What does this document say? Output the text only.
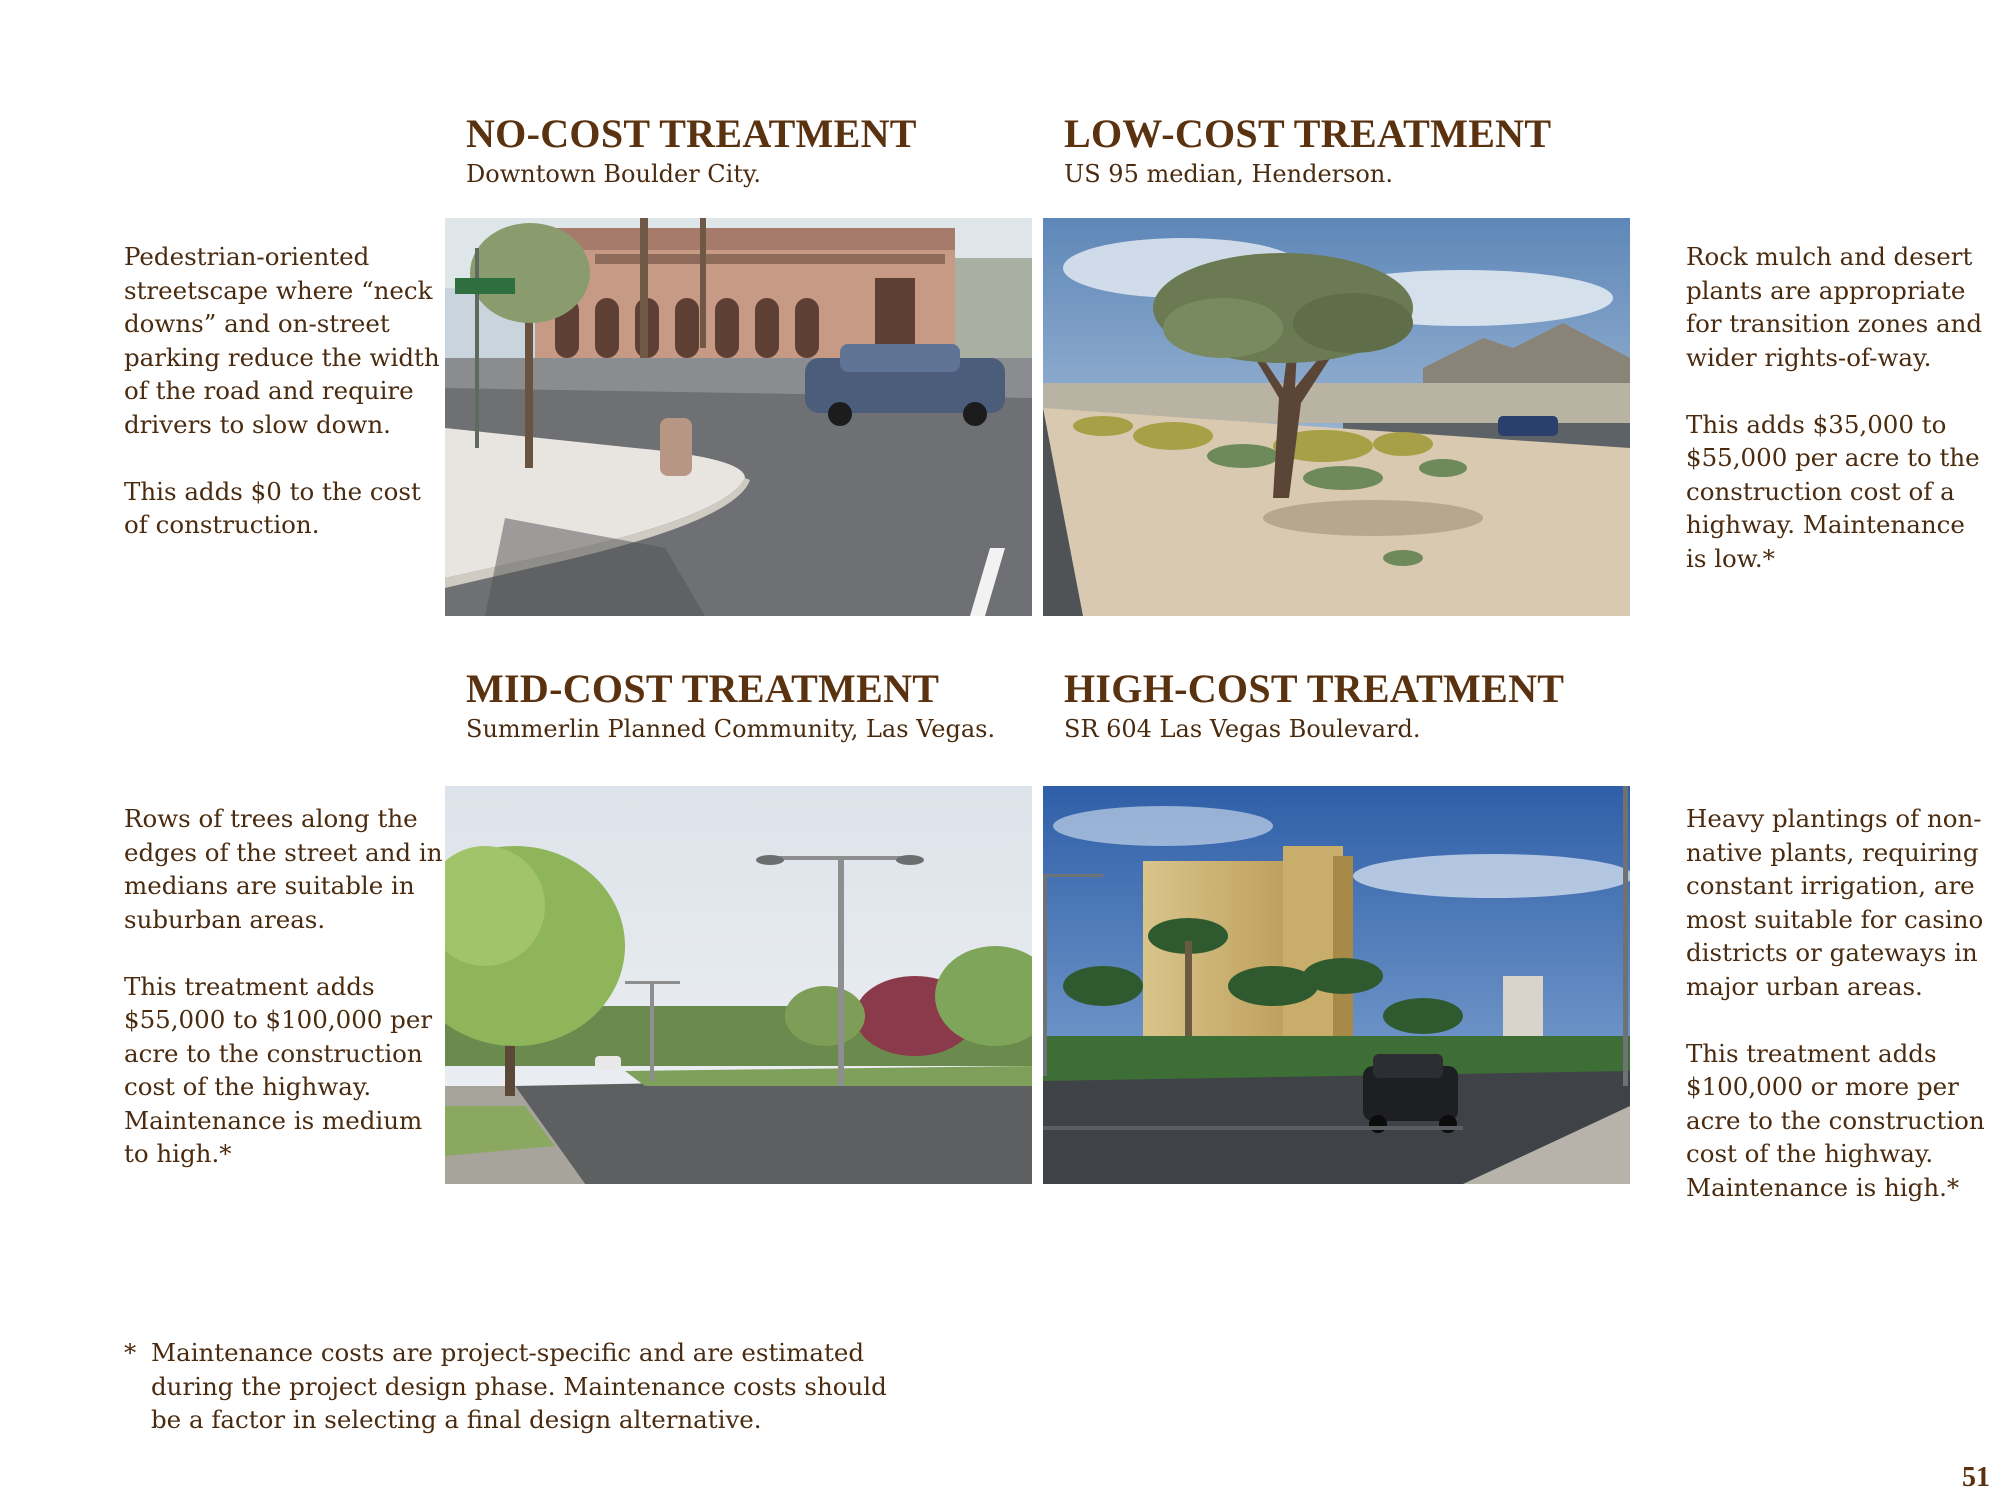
NO-COST TREATMENT
Downtown Boulder City.

Pedestrian-oriented streetscape where “neck downs” and on-street parking reduce the width of the road and require drivers to slow down.

This adds $0 to the cost of construction.

LOW-COST TREATMENT
US 95 median, Henderson.

Rock mulch and desert plants are appropriate for transition zones and wider rights-of-way.

This adds $35,000 to $55,000 per acre to the construction cost of a highway. Maintenance is low.*

MID-COST TREATMENT
Summerlin Planned Community, Las Vegas.

Rows of trees along the edges of the street and in medians are suitable in suburban areas.

This treatment adds $55,000 to $100,000 per acre to the construction cost of the highway. Maintenance is medium to high.*

HIGH-COST TREATMENT
SR 604 Las Vegas Boulevard.

Heavy plantings of non-native plants, requiring constant irrigation, are most suitable for casino districts or gateways in major urban areas.

This treatment adds $100,000 or more per acre to the construction cost of the highway. Maintenance is high.*

* Maintenance costs are project-specific and are estimated during the project design phase. Maintenance costs should be a factor in selecting a final design alternative.
51
